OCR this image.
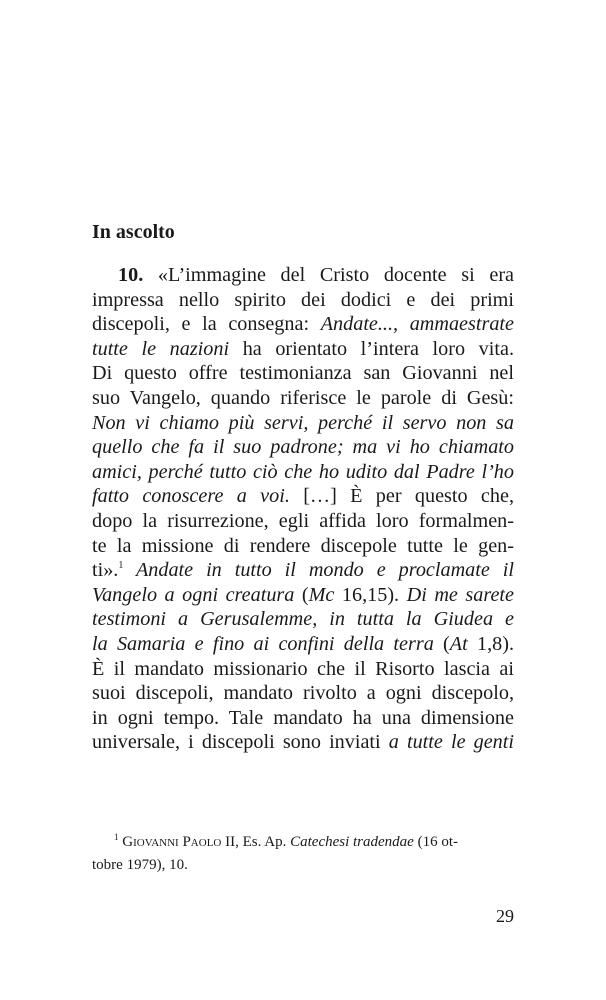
In ascolto
10. «L’immagine del Cristo docente si era
impressa nello spirito dei dodici e dei primi
discepoli, e la consegna: Andate..., ammaestrate
tutte le nazioni ha orientato l’intera loro vita.
Di questo offre testimonianza san Giovanni nel
suo Vangelo, quando riferisce le parole di Gesù:
Non vi chiamo più servi, perché il servo non sa
quello che fa il suo padrone; ma vi ho chiamato
amici, perché tutto ciò che ho udito dal Padre l’ho
fatto conoscere a voi. […] È per questo che,
dopo la risurrezione, egli affida loro formalmen-
te la missione di rendere discepole tutte le gen-
ti».$^1$ Andate in tutto il mondo e proclamate il
Vangelo a ogni creatura (Mc 16,15). Di me sarete
testimoni a Gerusalemme, in tutta la Giudea e
la Samaria e fino ai confini della terra (At 1,8).
È il mandato missionario che il Risorto lascia ai
suoi discepoli, mandato rivolto a ogni discepolo,
in ogni tempo. Tale mandato ha una dimensione
universale, i discepoli sono inviati a tutte le genti
$^1$ Giovanni Paolo II, Es. Ap. Catechesi tradendae (16 ot-
tobre 1979), 10.
29
